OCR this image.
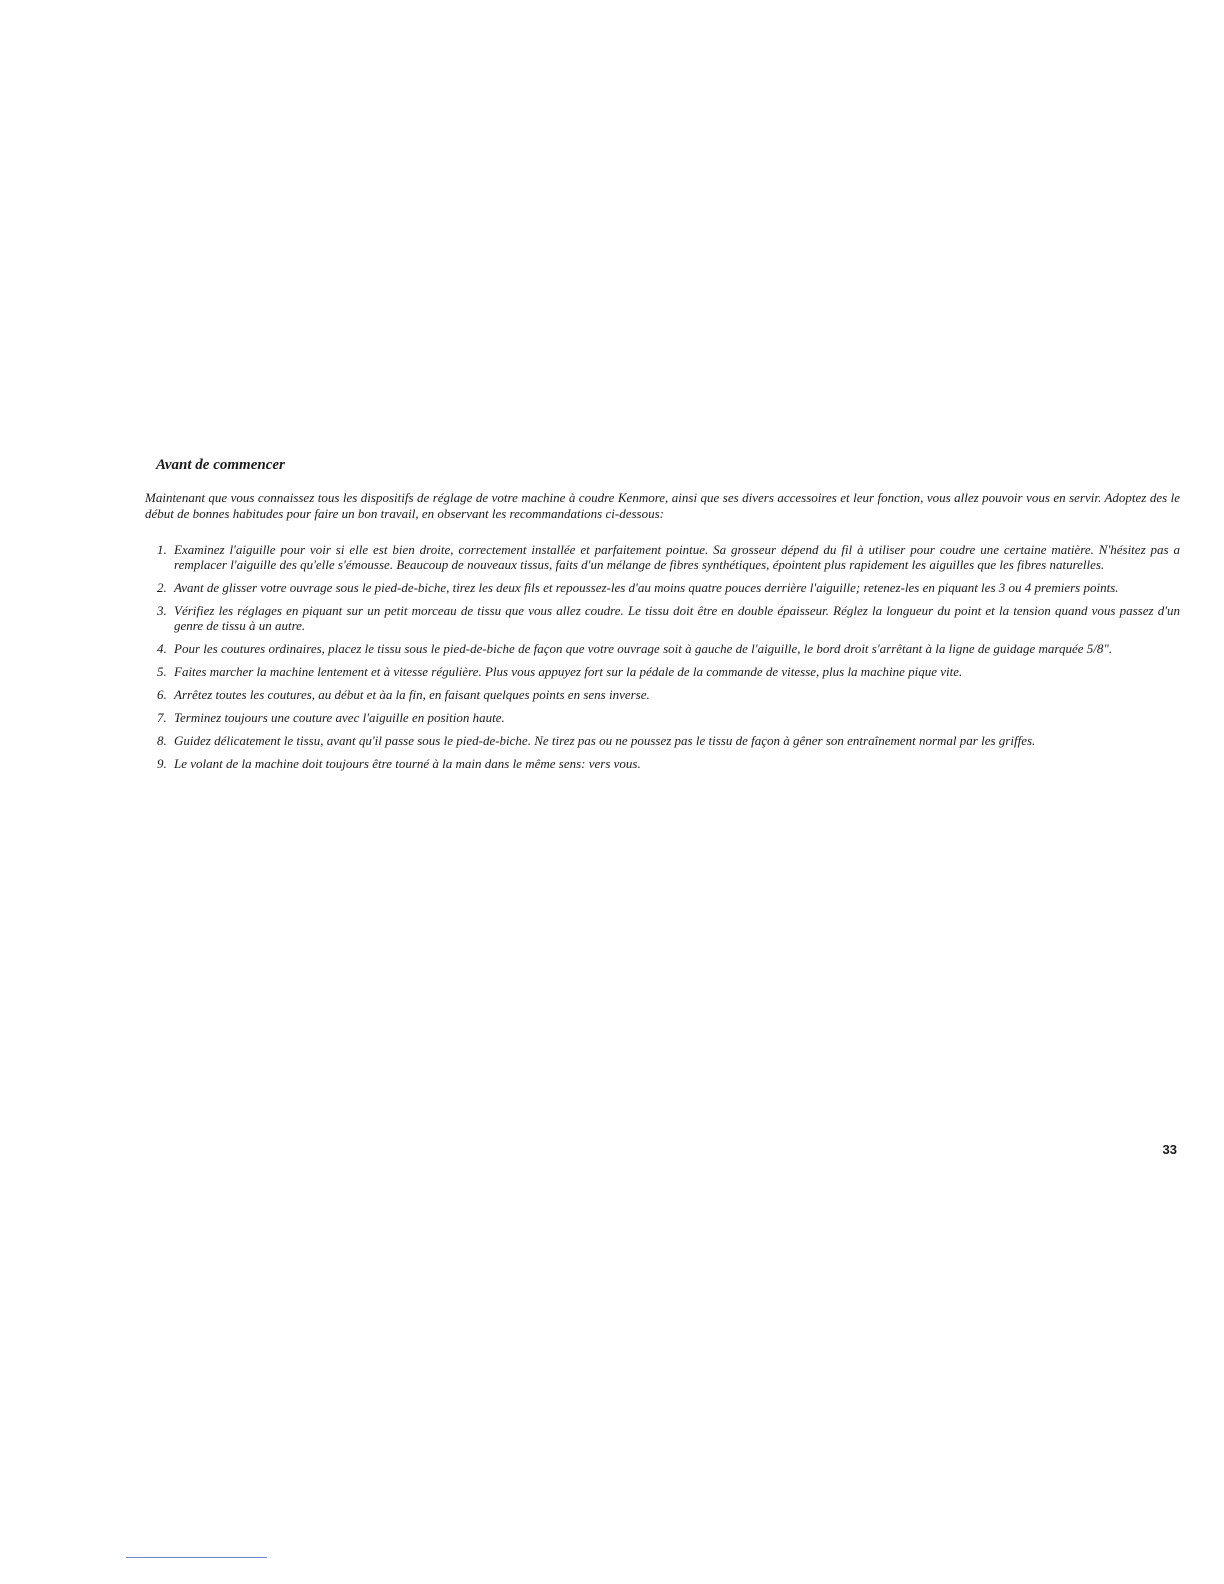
Avant de commencer

Maintenant que vous connaissez tous les dispositifs de réglage de votre machine à coudre Kenmore, ainsi que ses divers accessoires et leur fonction, vous allez pouvoir vous en servir. Adoptez des le début de bonnes habitudes pour faire un bon travail, en observant les recommandations ci-dessous:

1. Examinez l'aiguille pour voir si elle est bien droite, correctement installée et parfaitement pointue. Sa grosseur dépend du fil à utiliser pour coudre une certaine matière. N'hésitez pas a remplacer l'aiguille des qu'elle s'émousse. Beaucoup de nouveaux tissus, faits d'un mélange de fibres synthétiques, épointent plus rapidement les aiguilles que les fibres naturelles.
2. Avant de glisser votre ouvrage sous le pied-de-biche, tirez les deux fils et repoussez-les d'au moins quatre pouces derrière l'aiguille; retenez-les en piquant les 3 ou 4 premiers points.
3. Vérifiez les réglages en piquant sur un petit morceau de tissu que vous allez coudre. Le tissu doit être en double épaisseur. Réglez la longueur du point et la tension quand vous passez d'un genre de tissu à un autre.
4. Pour les coutures ordinaires, placez le tissu sous le pied-de-biche de façon que votre ouvrage soit à gauche de l'aiguille, le bord droit s'arrêtant à la ligne de guidage marquée 5/8".
5. Faites marcher la machine lentement et à vitesse régulière. Plus vous appuyez fort sur la pédale de la commande de vitesse, plus la machine pique vite.
6. Arrêtez toutes les coutures, au début et àa la fin, en faisant quelques points en sens inverse.
7. Terminez toujours une couture avec l'aiguille en position haute.
8. Guidez délicatement le tissu, avant qu'il passe sous le pied-de-biche. Ne tirez pas ou ne poussez pas le tissu de façon à gêner son entraînement normal par les griffes.
9. Le volant de la machine doit toujours être tourné à la main dans le même sens: vers vous.
33
